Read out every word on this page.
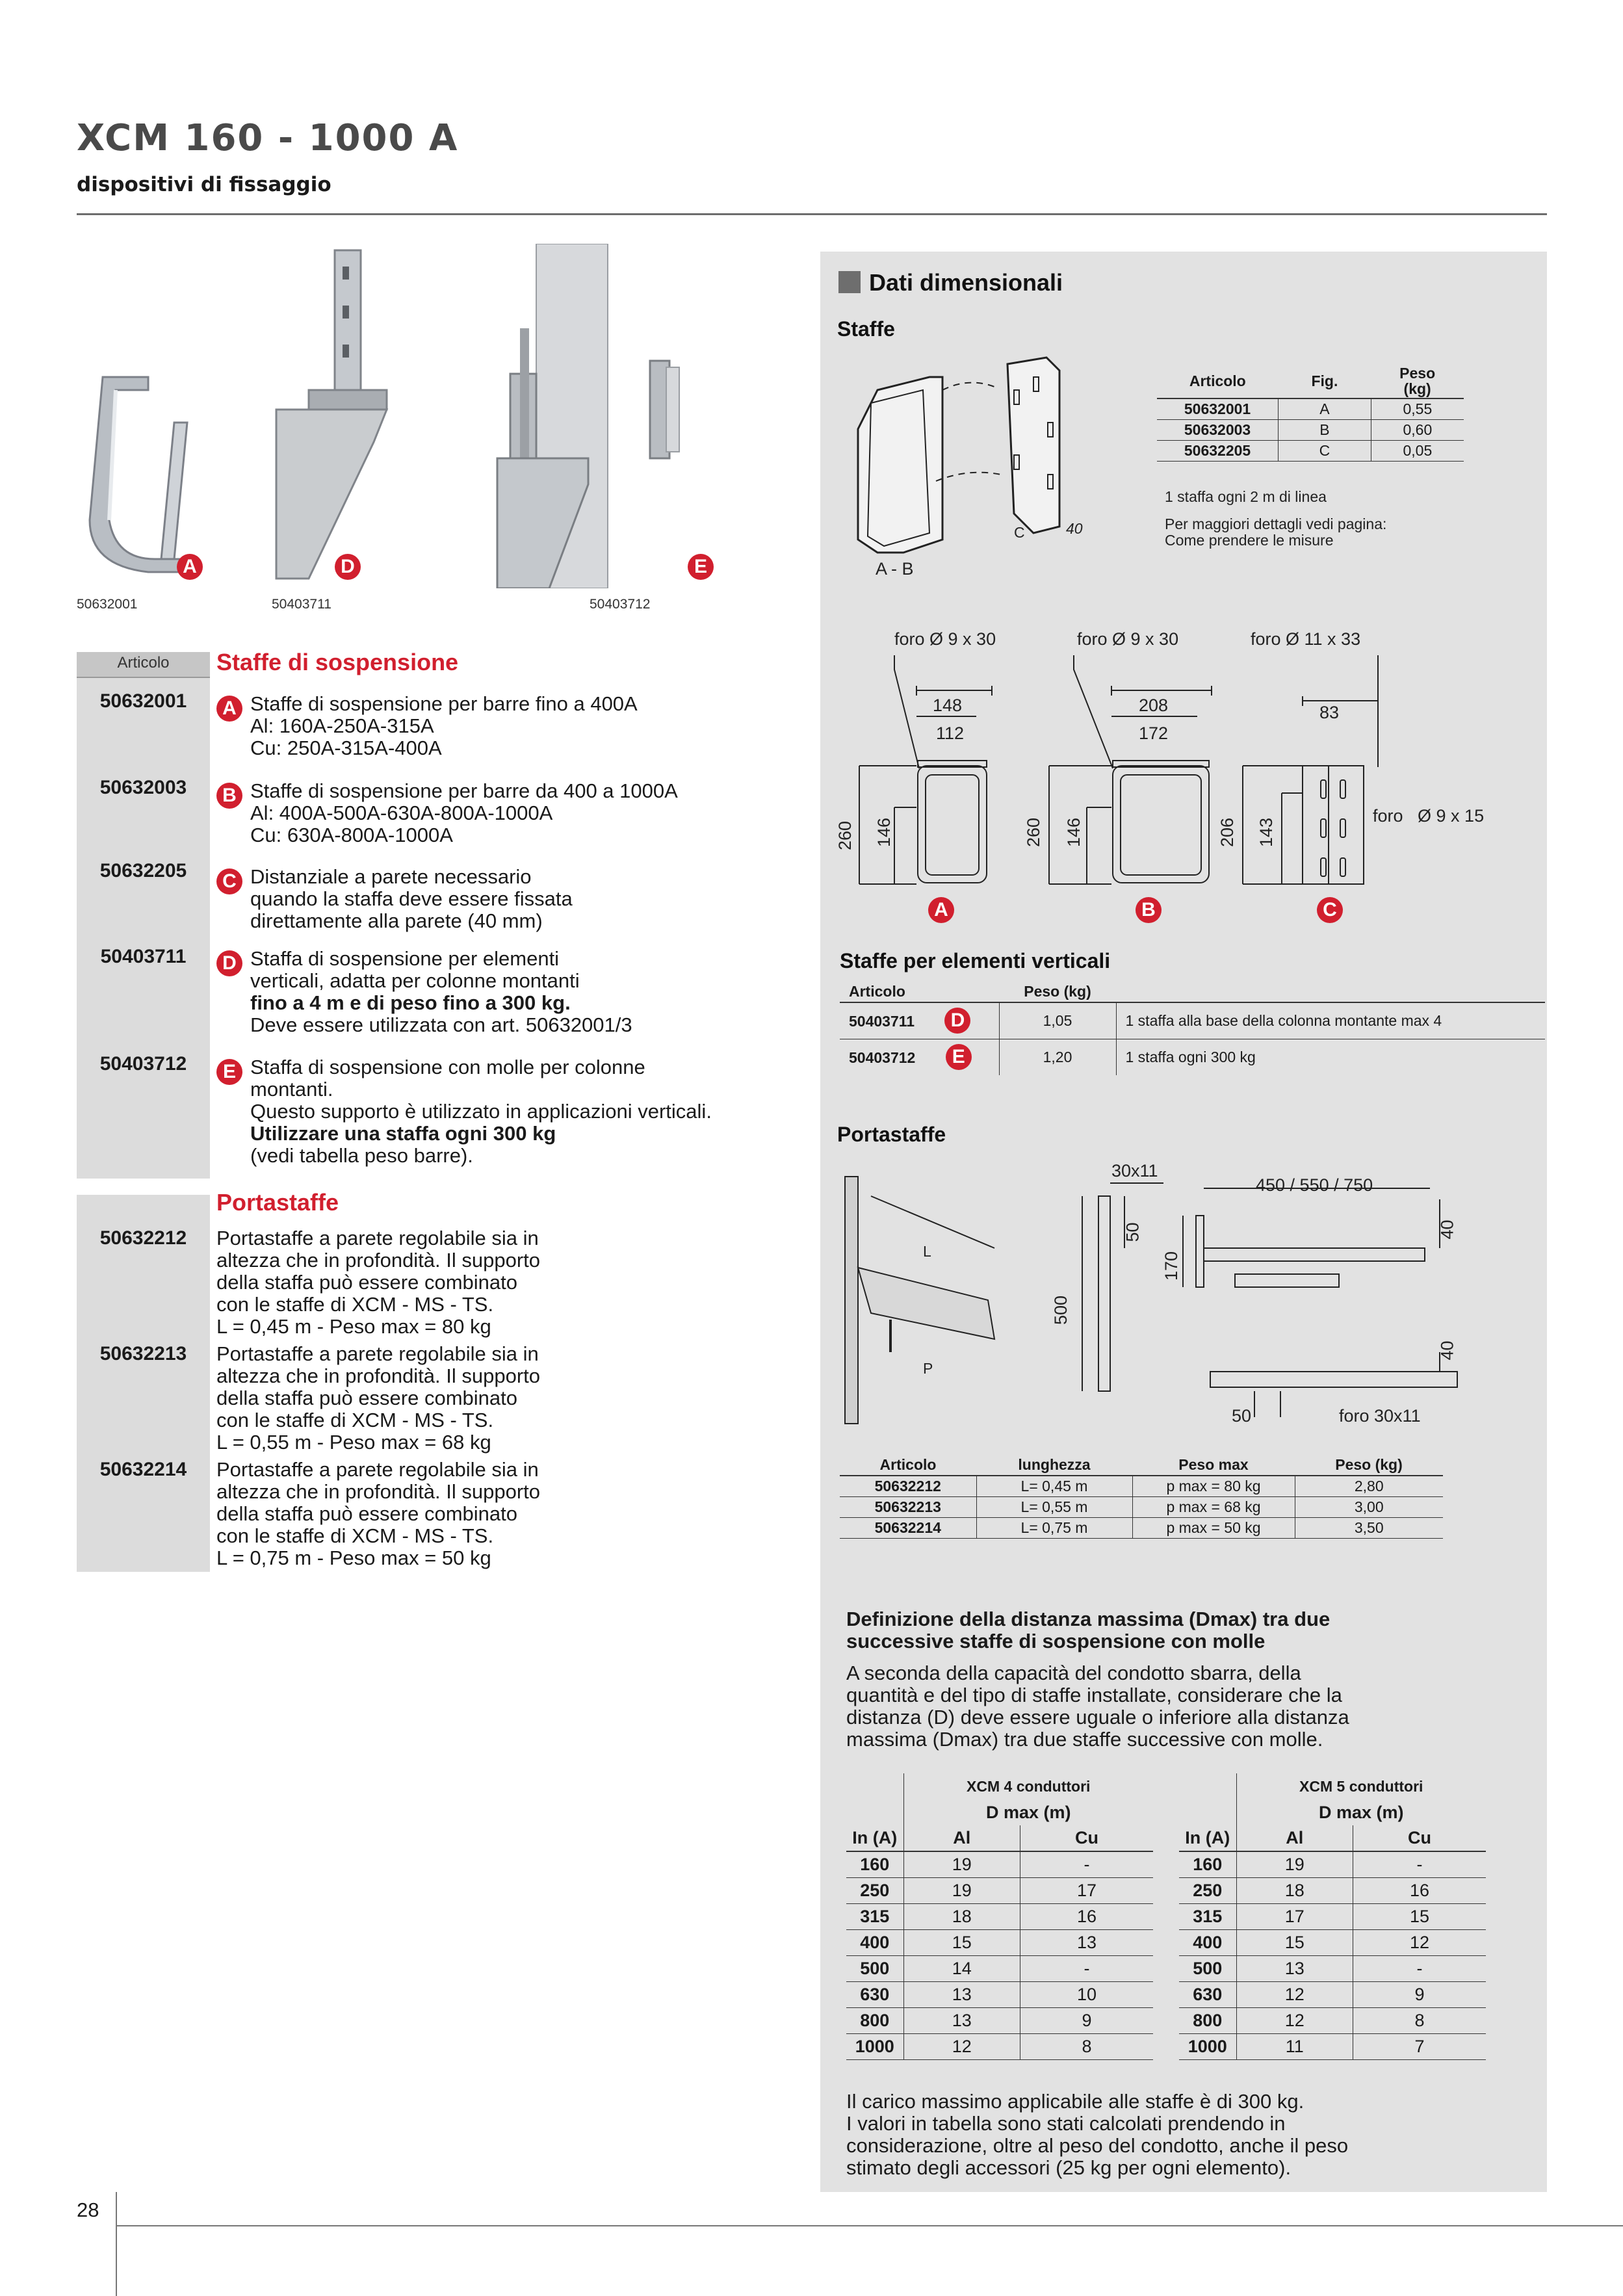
XCM 160 - 1000 A
dispositivi di fissaggio
A
50632001
D
50403711
E
50403712
Articolo	Staffe di sospensione
50632001	A Staffe di sospensione per barre fino a 400A
Al: 160A-250A-315A
Cu: 250A-315A-400A
50632003	B Staffe di sospensione per barre da 400 a 1000A
Al: 400A-500A-630A-800A-1000A
Cu: 630A-800A-1000A
50632205	C Distanziale a parete necessario
quando la staffa deve essere fissata
direttamente alla parete (40 mm)
50403711	D Staffa di sospensione per elementi
verticali, adatta per colonne montanti
fino a 4 m e di peso fino a 300 kg.
Deve essere utilizzata con art. 50632001/3
50403712	E Staffa di sospensione con molle per colonne
montanti.
Questo supporto è utilizzato in applicazioni verticali.
Utilizzare una staffa ogni 300 kg
(vedi tabella peso barre).
Portastaffe
50632212	Portastaffe a parete regolabile sia in
altezza che in profondità. Il supporto
della staffa può essere combinato
con le staffe di XCM - MS - TS.
L = 0,45 m - Peso max = 80 kg
50632213	Portastaffe a parete regolabile sia in
altezza che in profondità. Il supporto
della staffa può essere combinato
con le staffe di XCM - MS - TS.
L = 0,55 m - Peso max = 68 kg
50632214	Portastaffe a parete regolabile sia in
altezza che in profondità. Il supporto
della staffa può essere combinato
con le staffe di XCM - MS - TS.
L = 0,75 m - Peso max = 50 kg
Dati dimensionali
Staffe
A - B
C	40
Articolo	Fig.	Peso
(kg)
50632001	A	0,55
50632003	B	0,60
50632205	C	0,05
1 staffa ogni 2 m di linea
Per maggiori dettagli vedi pagina:
Come prendere le misure
foro Ø 9 x 30
148
112
260 146
A
foro Ø 9 x 30
208
172
260 146
B
foro Ø 11 x 33
83
206 143
foro   Ø 9 x 15
C
Staffe per elementi verticali
Articolo	Peso (kg)	
50403711 D	1,05	1 staffa alla base della colonna montante max 4
50403712 E	1,20	1 staffa ogni 300 kg
Portastaffe
L
P
30x11
50
500
170
450 / 550 / 750
40
40
50	foro 30x11
Articolo	lunghezza	Peso max	Peso (kg)
50632212	L= 0,45 m	p max = 80 kg	2,80
50632213	L= 0,55 m	p max = 68 kg	3,00
50632214	L= 0,75 m	p max = 50 kg	3,50
Definizione della distanza massima (Dmax) tra due
successive staffe di sospensione con molle
A seconda della capacità del condotto sbarra, della
quantità e del tipo di staffe installate, considerare che la
distanza (D) deve essere uguale o inferiore alla distanza
massima (Dmax) tra due staffe successive con molle.
	XCM 4 conduttori	
	D max (m)	
In (A)	Al	Cu
160	19	-
250	19	17
315	18	16
400	15	13
500	14	-
630	13	10
800	13	9
1000	12	8
	XCM 5 conduttori	
	D max (m)	
In (A)	Al	Cu
160	19	-
250	18	16
315	17	15
400	15	12
500	13	-
630	12	9
800	12	8
1000	11	7
Il carico massimo applicabile alle staffe è di 300 kg.
I valori in tabella sono stati calcolati prendendo in
considerazione, oltre al peso del condotto, anche il peso
stimato degli accessori (25 kg per ogni elemento).
28
